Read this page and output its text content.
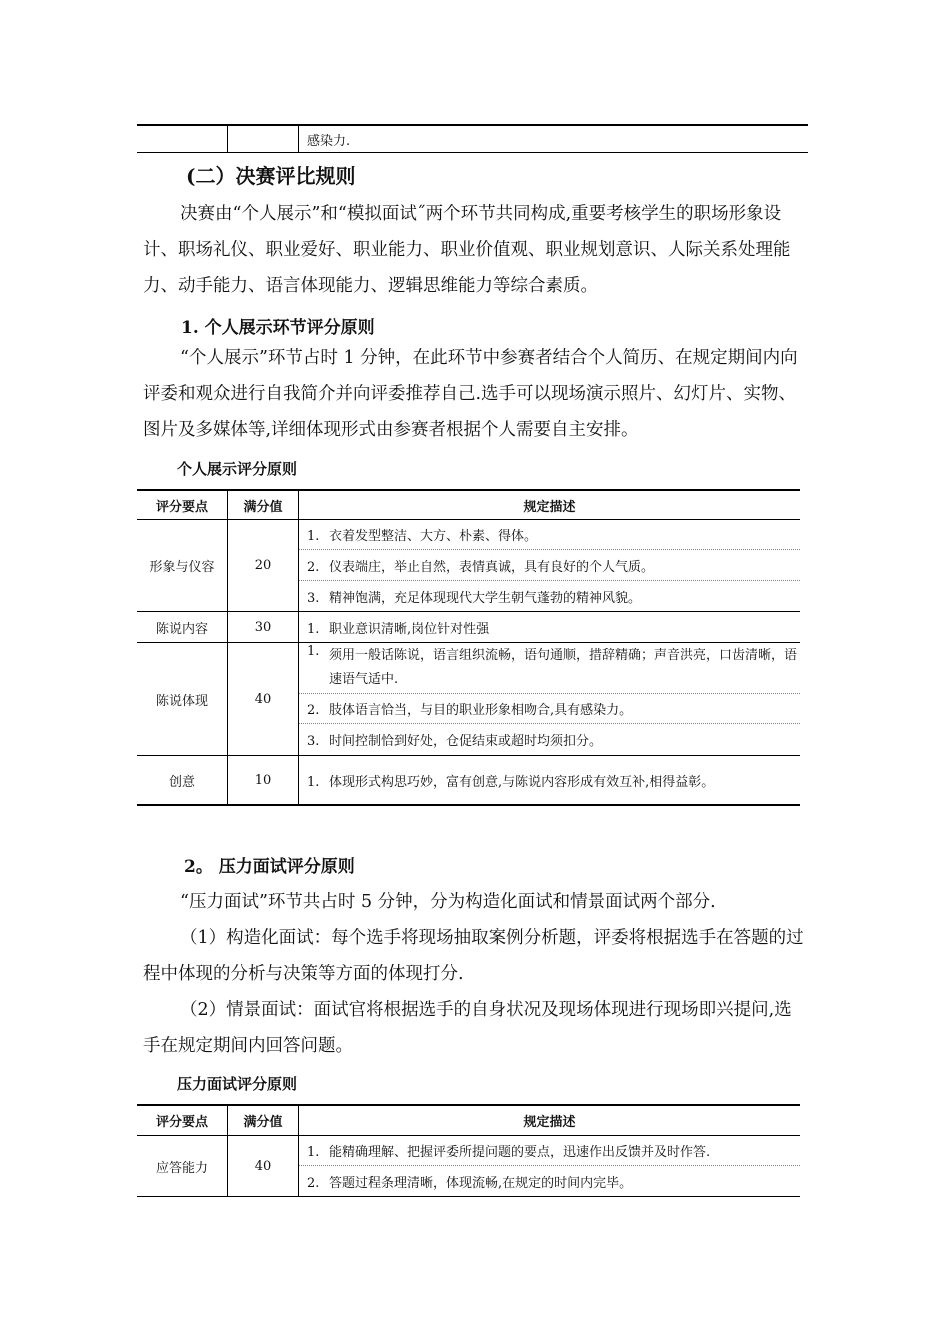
		感染力.
(二）决赛评比规则
决赛由“个人展示”和“模拟面试˝两个环节共同构成,重要考核学生的职场形象设计、职场礼仪、职业爱好、职业能力、职业价值观、职业规划意识、人际关系处理能力、动手能力、语言体现能力、逻辑思维能力等综合素质。
1. 个人展示环节评分原则
“个人展示”环节占时 1 分钟，在此环节中参赛者结合个人简历、在规定期间内向评委和观众进行自我简介并向评委推荐自己.选手可以现场演示照片、幻灯片、实物、图片及多媒体等,详细体现形式由参赛者根据个人需要自主安排。
个人展示评分原则
评分要点	满分值	规定描述
形象与仪容	20	1. 衣着发型整洁、大方、朴素、得体。
		2. 仪表端庄，举止自然，表情真诚，具有良好的个人气质。
		3. 精神饱满，充足体现现代大学生朝气蓬勃的精神风貌。
陈说内容	30	1. 职业意识清晰,岗位针对性强
陈说体现	40	1. 须用一般话陈说，语言组织流畅，语句通顺，措辞精确；声音洪亮，口齿清晰，语速语气适中.

		2. 肢体语言恰当，与目的职业形象相吻合,具有感染力。
		3. 时间控制恰到好处，仓促结束或超时均须扣分。
创意	10	1. 体现形式构思巧妙，富有创意,与陈说内容形成有效互补,相得益彰。
2。 压力面试评分原则
“压力面试”环节共占时 5 分钟，分为构造化面试和情景面试两个部分.
（1）构造化面试：每个选手将现场抽取案例分析题，评委将根据选手在答题的过程中体现的分析与决策等方面的体现打分.
（2）情景面试：面试官将根据选手的自身状况及现场体现进行现场即兴提问,选手在规定期间内回答问题。
压力面试评分原则
评分要点	满分值	规定描述
应答能力	40	1. 能精确理解、把握评委所提问题的要点，迅速作出反馈并及时作答.
		2. 答题过程条理清晰，体现流畅,在规定的时间内完毕。
